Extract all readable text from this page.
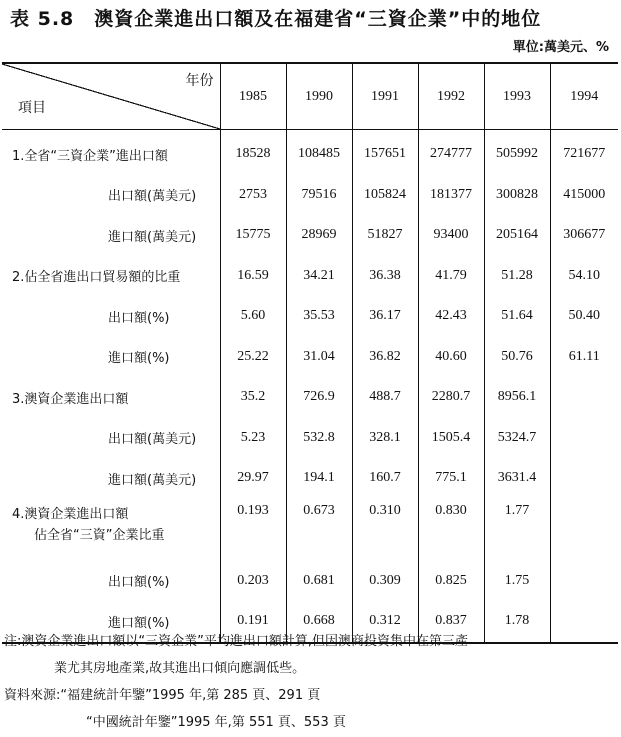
表 5.8　澳資企業進出口額及在福建省“三資企業”中的地位
單位:萬美元、%
年份
項目	1985	1990	1991	1992	1993	1994
1.全省“三資企業”進出口額	18528	108485	157651	274777	505992	721677
出口額(萬美元)	2753	79516	105824	181377	300828	415000
進口額(萬美元)	15775	28969	51827	93400	205164	306677
2.佔全省進出口貿易額的比重	16.59	34.21	36.38	41.79	51.28	54.10
出口額(%)	5.60	35.53	36.17	42.43	51.64	50.40
進口額(%)	25.22	31.04	36.82	40.60	50.76	61.11
3.澳資企業進出口額	35.2	726.9	488.7	2280.7	8956.1	
出口額(萬美元)	5.23	532.8	328.1	1505.4	5324.7	
進口額(萬美元)	29.97	194.1	160.7	775.1	3631.4	
4.澳資企業進出口額
佔全省“三資”企業比重	0.193	0.673	0.310	0.830	1.77	
出口額(%)	0.203	0.681	0.309	0.825	1.75	
進口額(%)	0.191	0.668	0.312	0.837	1.78	
注:澳資企業進出口額以“三資企業”平均進出口額計算,但因澳商投資集中在第三產
業尤其房地產業,故其進出口傾向應調低些。
資料來源:“福建統計年鑒”1995 年,第 285 頁、291 頁
“中國統計年鑒”1995 年,第 551 頁、553 頁
